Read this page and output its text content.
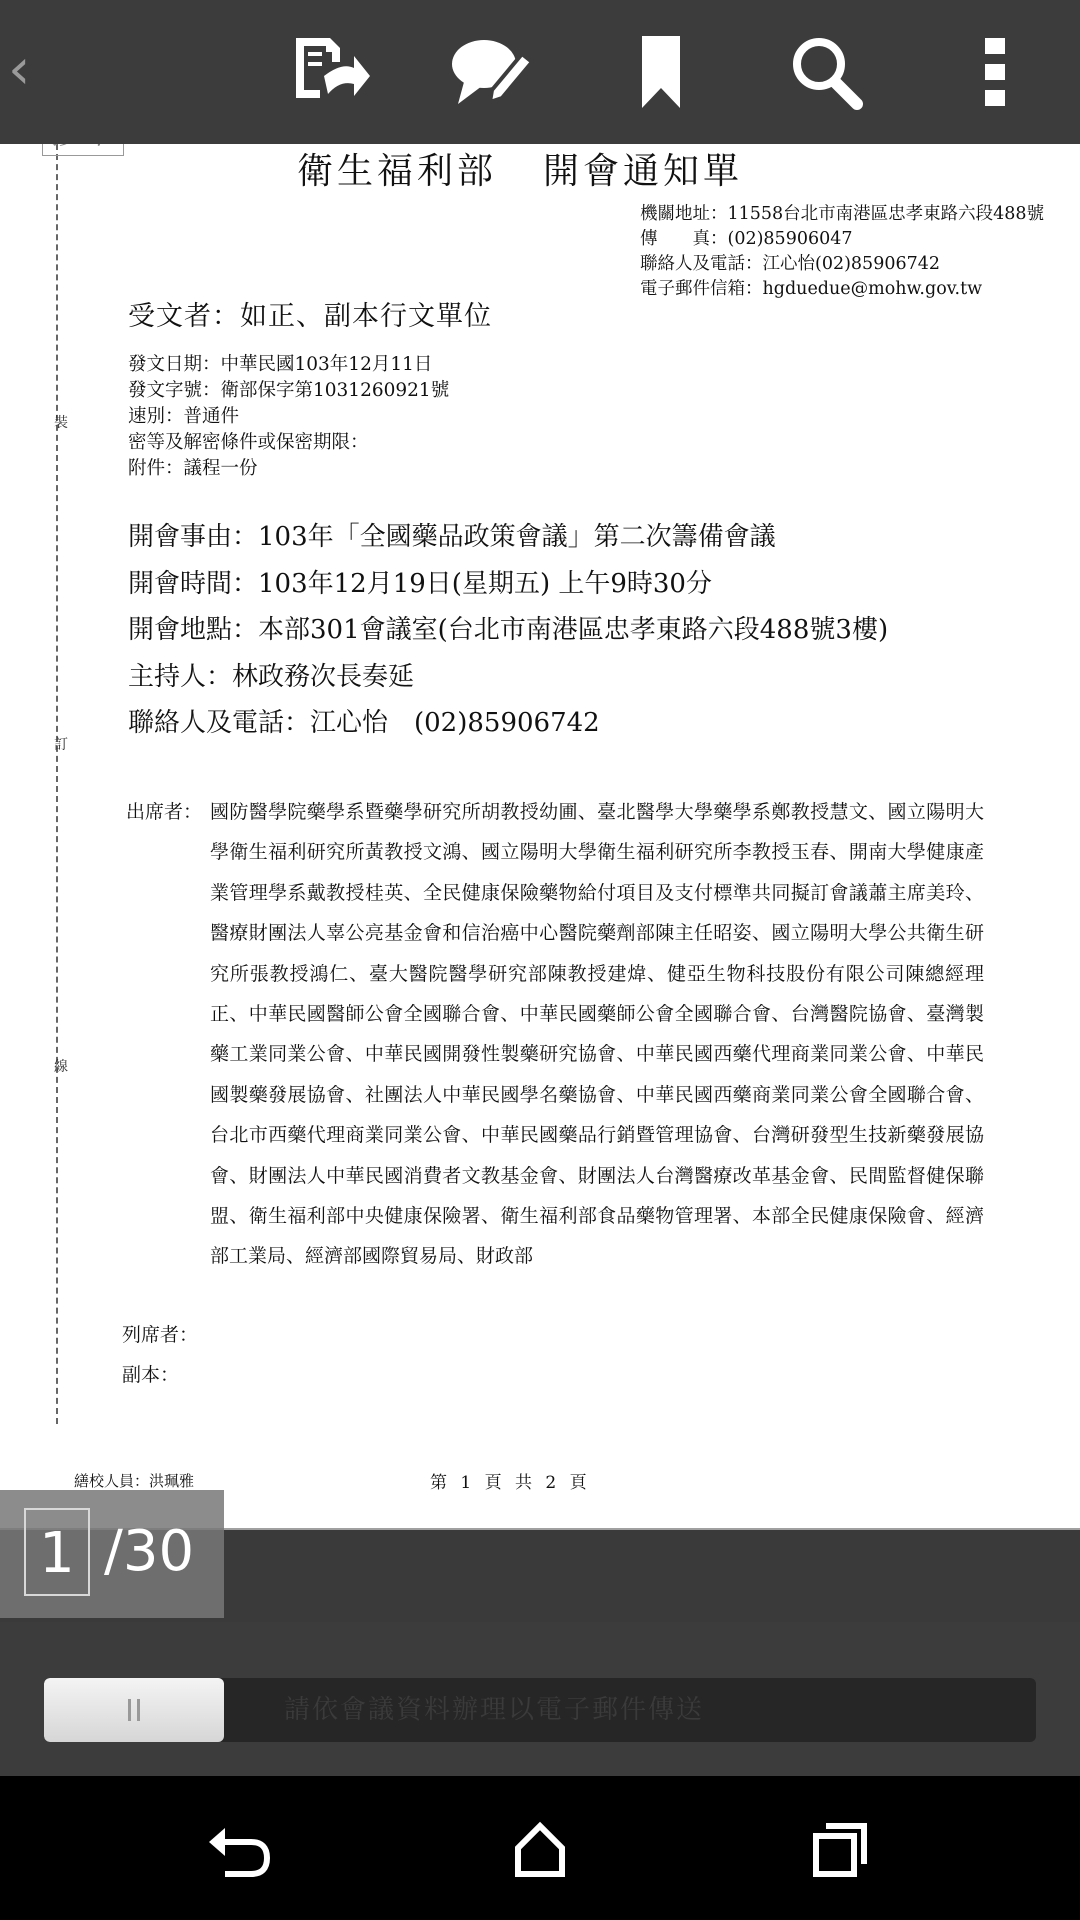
‹
裝
訂
線
衛生福利部 開會通知單
機關地址：11558台北市南港區忠孝東路六段488號
傳　　真：(02)85906047
聯絡人及電話：江心怡(02)85906742
電子郵件信箱：hgduedue@mohw.gov.tw
受文者：如正、副本行文單位
發文日期：中華民國103年12月11日
發文字號：衛部保字第1031260921號
速別：普通件
密等及解密條件或保密期限：
附件：議程一份
開會事由：103年「全國藥品政策會議」第二次籌備會議
開會時間：103年12月19日(星期五) 上午9時30分
開會地點：本部301會議室(台北市南港區忠孝東路六段488號3樓)
主持人：林政務次長奏延
聯絡人及電話：江心怡　(02)85906742
出席者： 國防醫學院藥學系暨藥學研究所胡教授幼圃、臺北醫學大學藥學系鄭教授慧文、國立陽明大學衛生福利研究所黃教授文鴻、國立陽明大學衛生福利研究所李教授玉春、開南大學健康產業管理學系戴教授桂英、全民健康保險藥物給付項目及支付標準共同擬訂會議蕭主席美玲、醫療財團法人辜公亮基金會和信治癌中心醫院藥劑部陳主任昭姿、國立陽明大學公共衛生研究所張教授鴻仁、臺大醫院醫學研究部陳教授建煒、健亞生物科技股份有限公司陳總經理正、中華民國醫師公會全國聯合會、中華民國藥師公會全國聯合會、台灣醫院協會、臺灣製藥工業同業公會、中華民國開發性製藥研究協會、中華民國西藥代理商業同業公會、中華民國製藥發展協會、社團法人中華民國學名藥協會、中華民國西藥商業同業公會全國聯合會、台北市西藥代理商業同業公會、中華民國藥品行銷暨管理協會、台灣研發型生技新藥發展協會、財團法人中華民國消費者文教基金會、財團法人台灣醫療改革基金會、民間監督健保聯盟、衛生福利部中央健康保險署、衛生福利部食品藥物管理署、本部全民健康保險會、經濟部工業局、經濟部國際貿易局、財政部
列席者：
副本：
繕校人員：洪珮雅	第 1 頁 共 2 頁
1 /30
請依會議資料辦理以電子郵件傳送
